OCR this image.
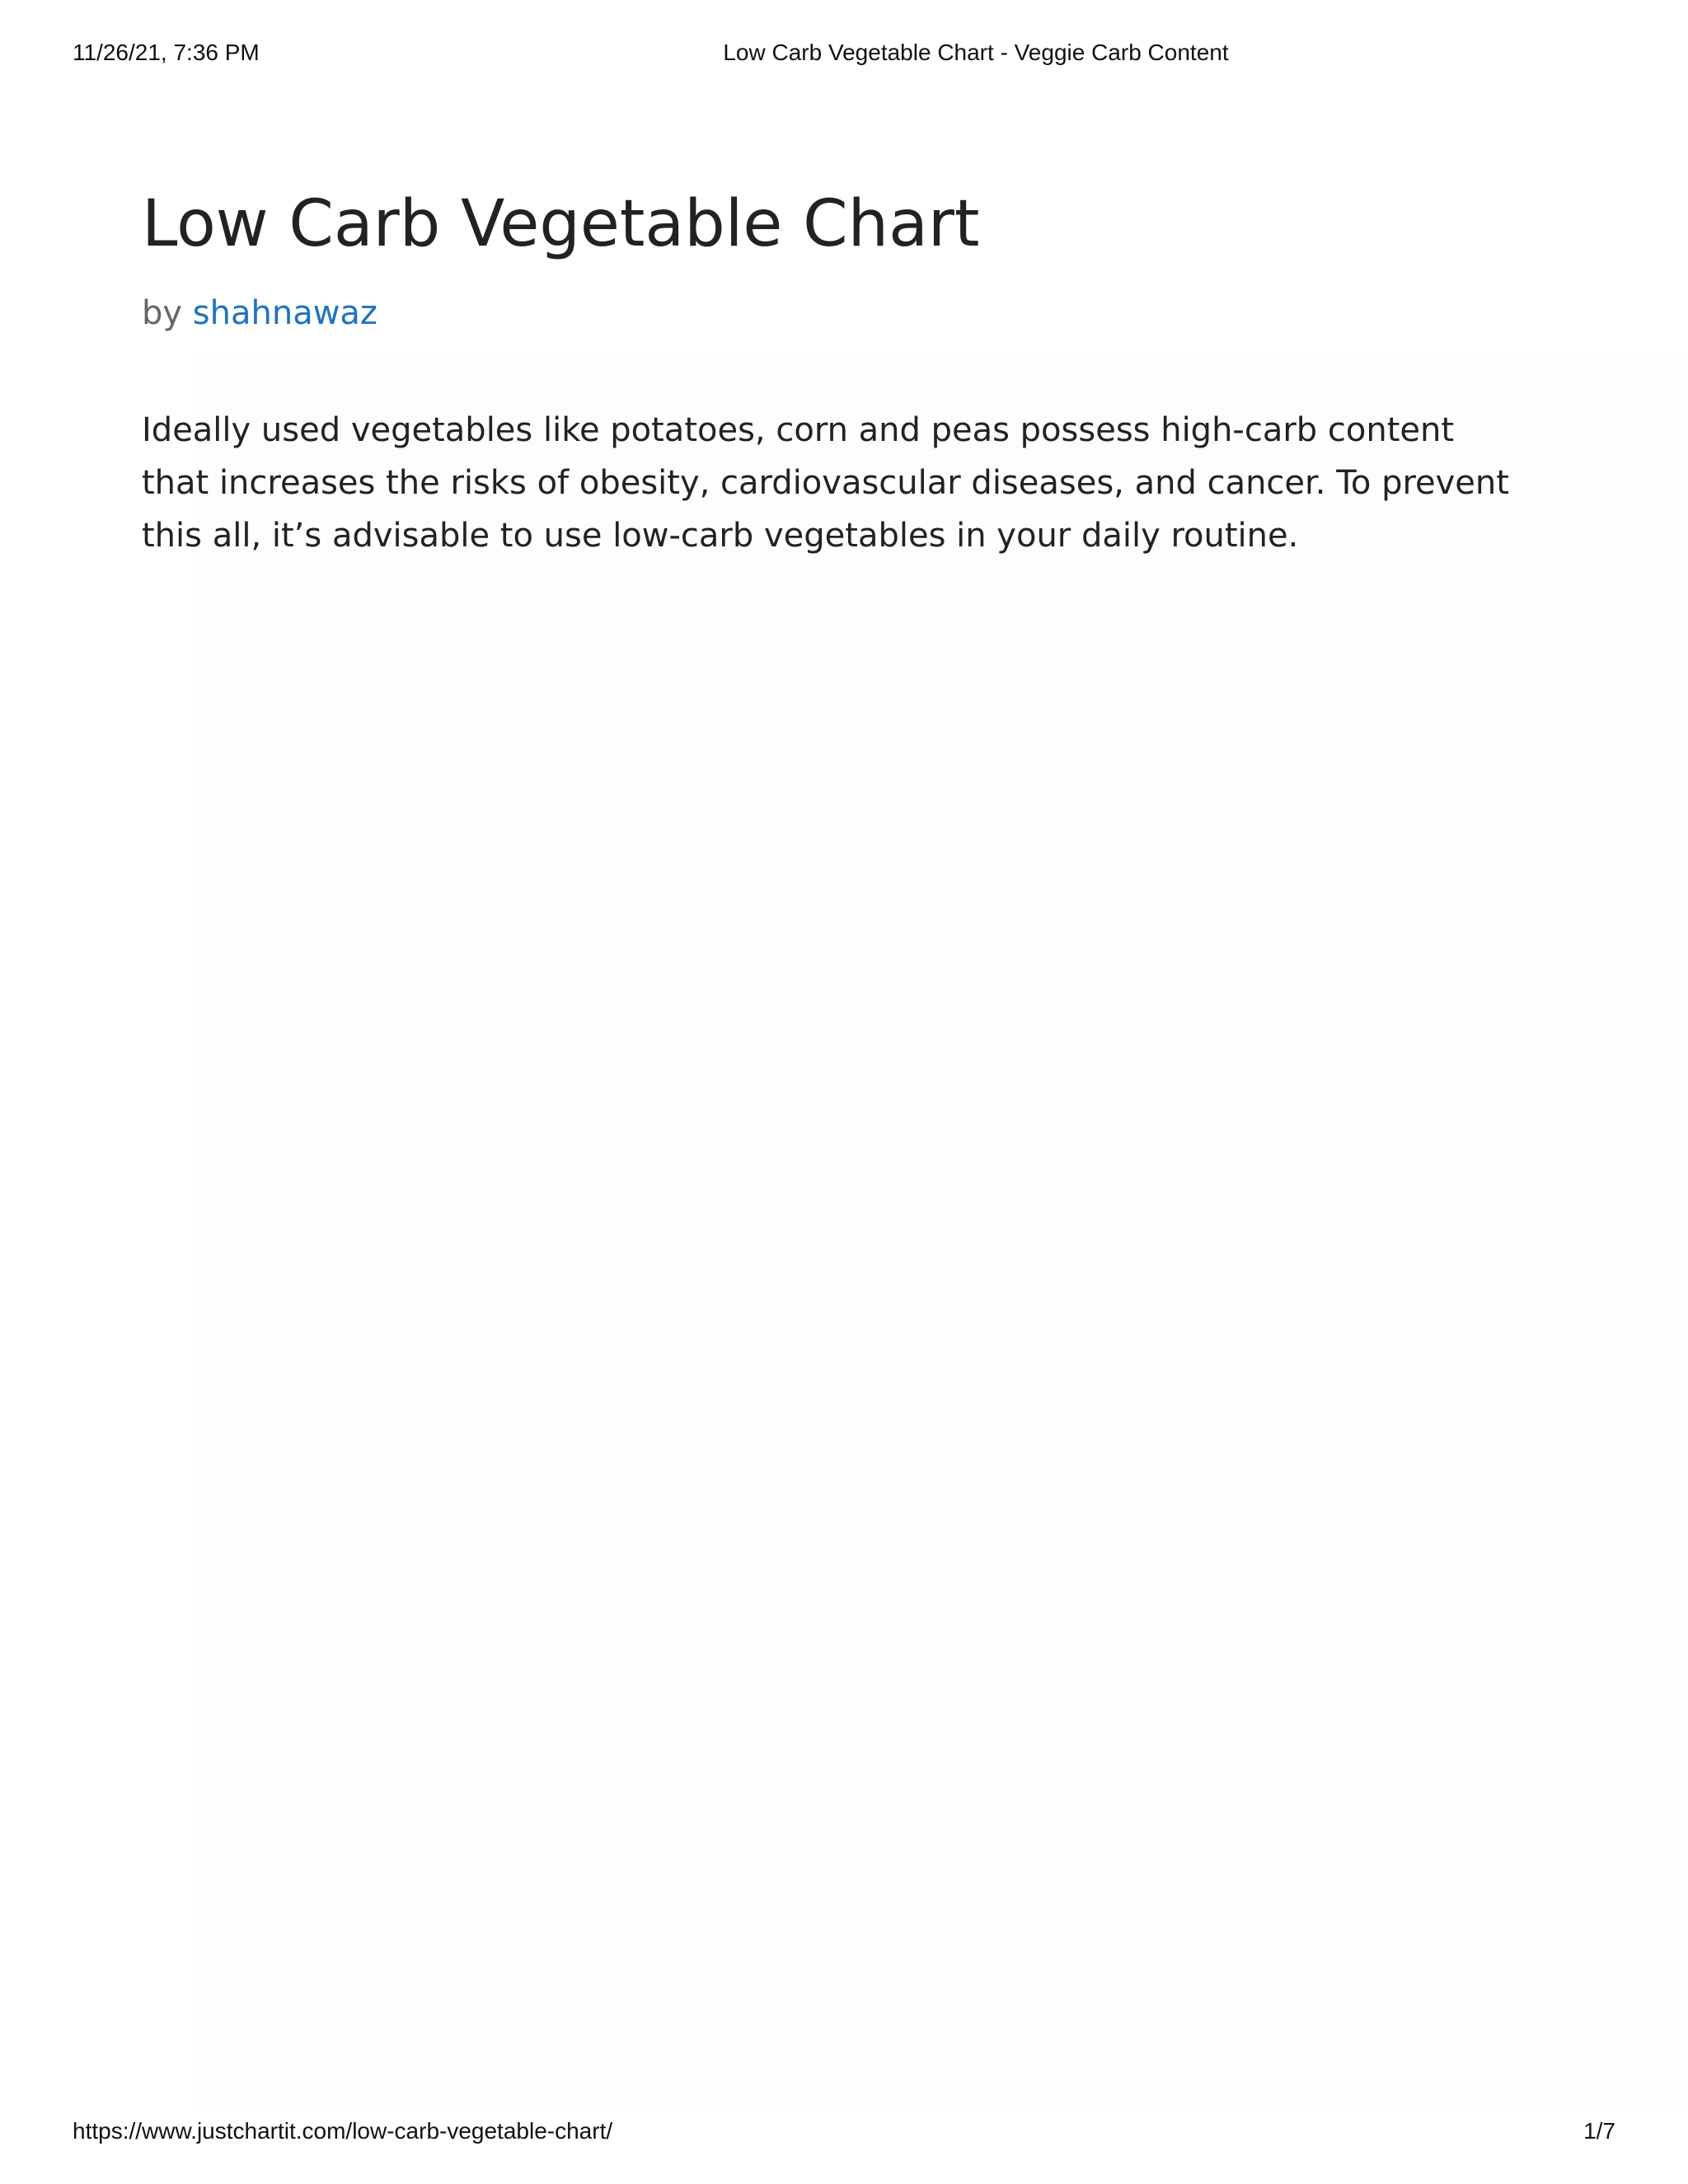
11/26/21, 7:36 PM	Low Carb Vegetable Chart - Veggie Carb Content
Low Carb Vegetable Chart
by shahnawaz

Ideally used vegetables like potatoes, corn and peas possess high-carb content that increases the risks of obesity, cardiovascular diseases, and cancer. To prevent this all, it’s advisable to use low-carb vegetables in your daily routine.

https://www.justchartit.com/low-carb-vegetable-chart/	1/7
